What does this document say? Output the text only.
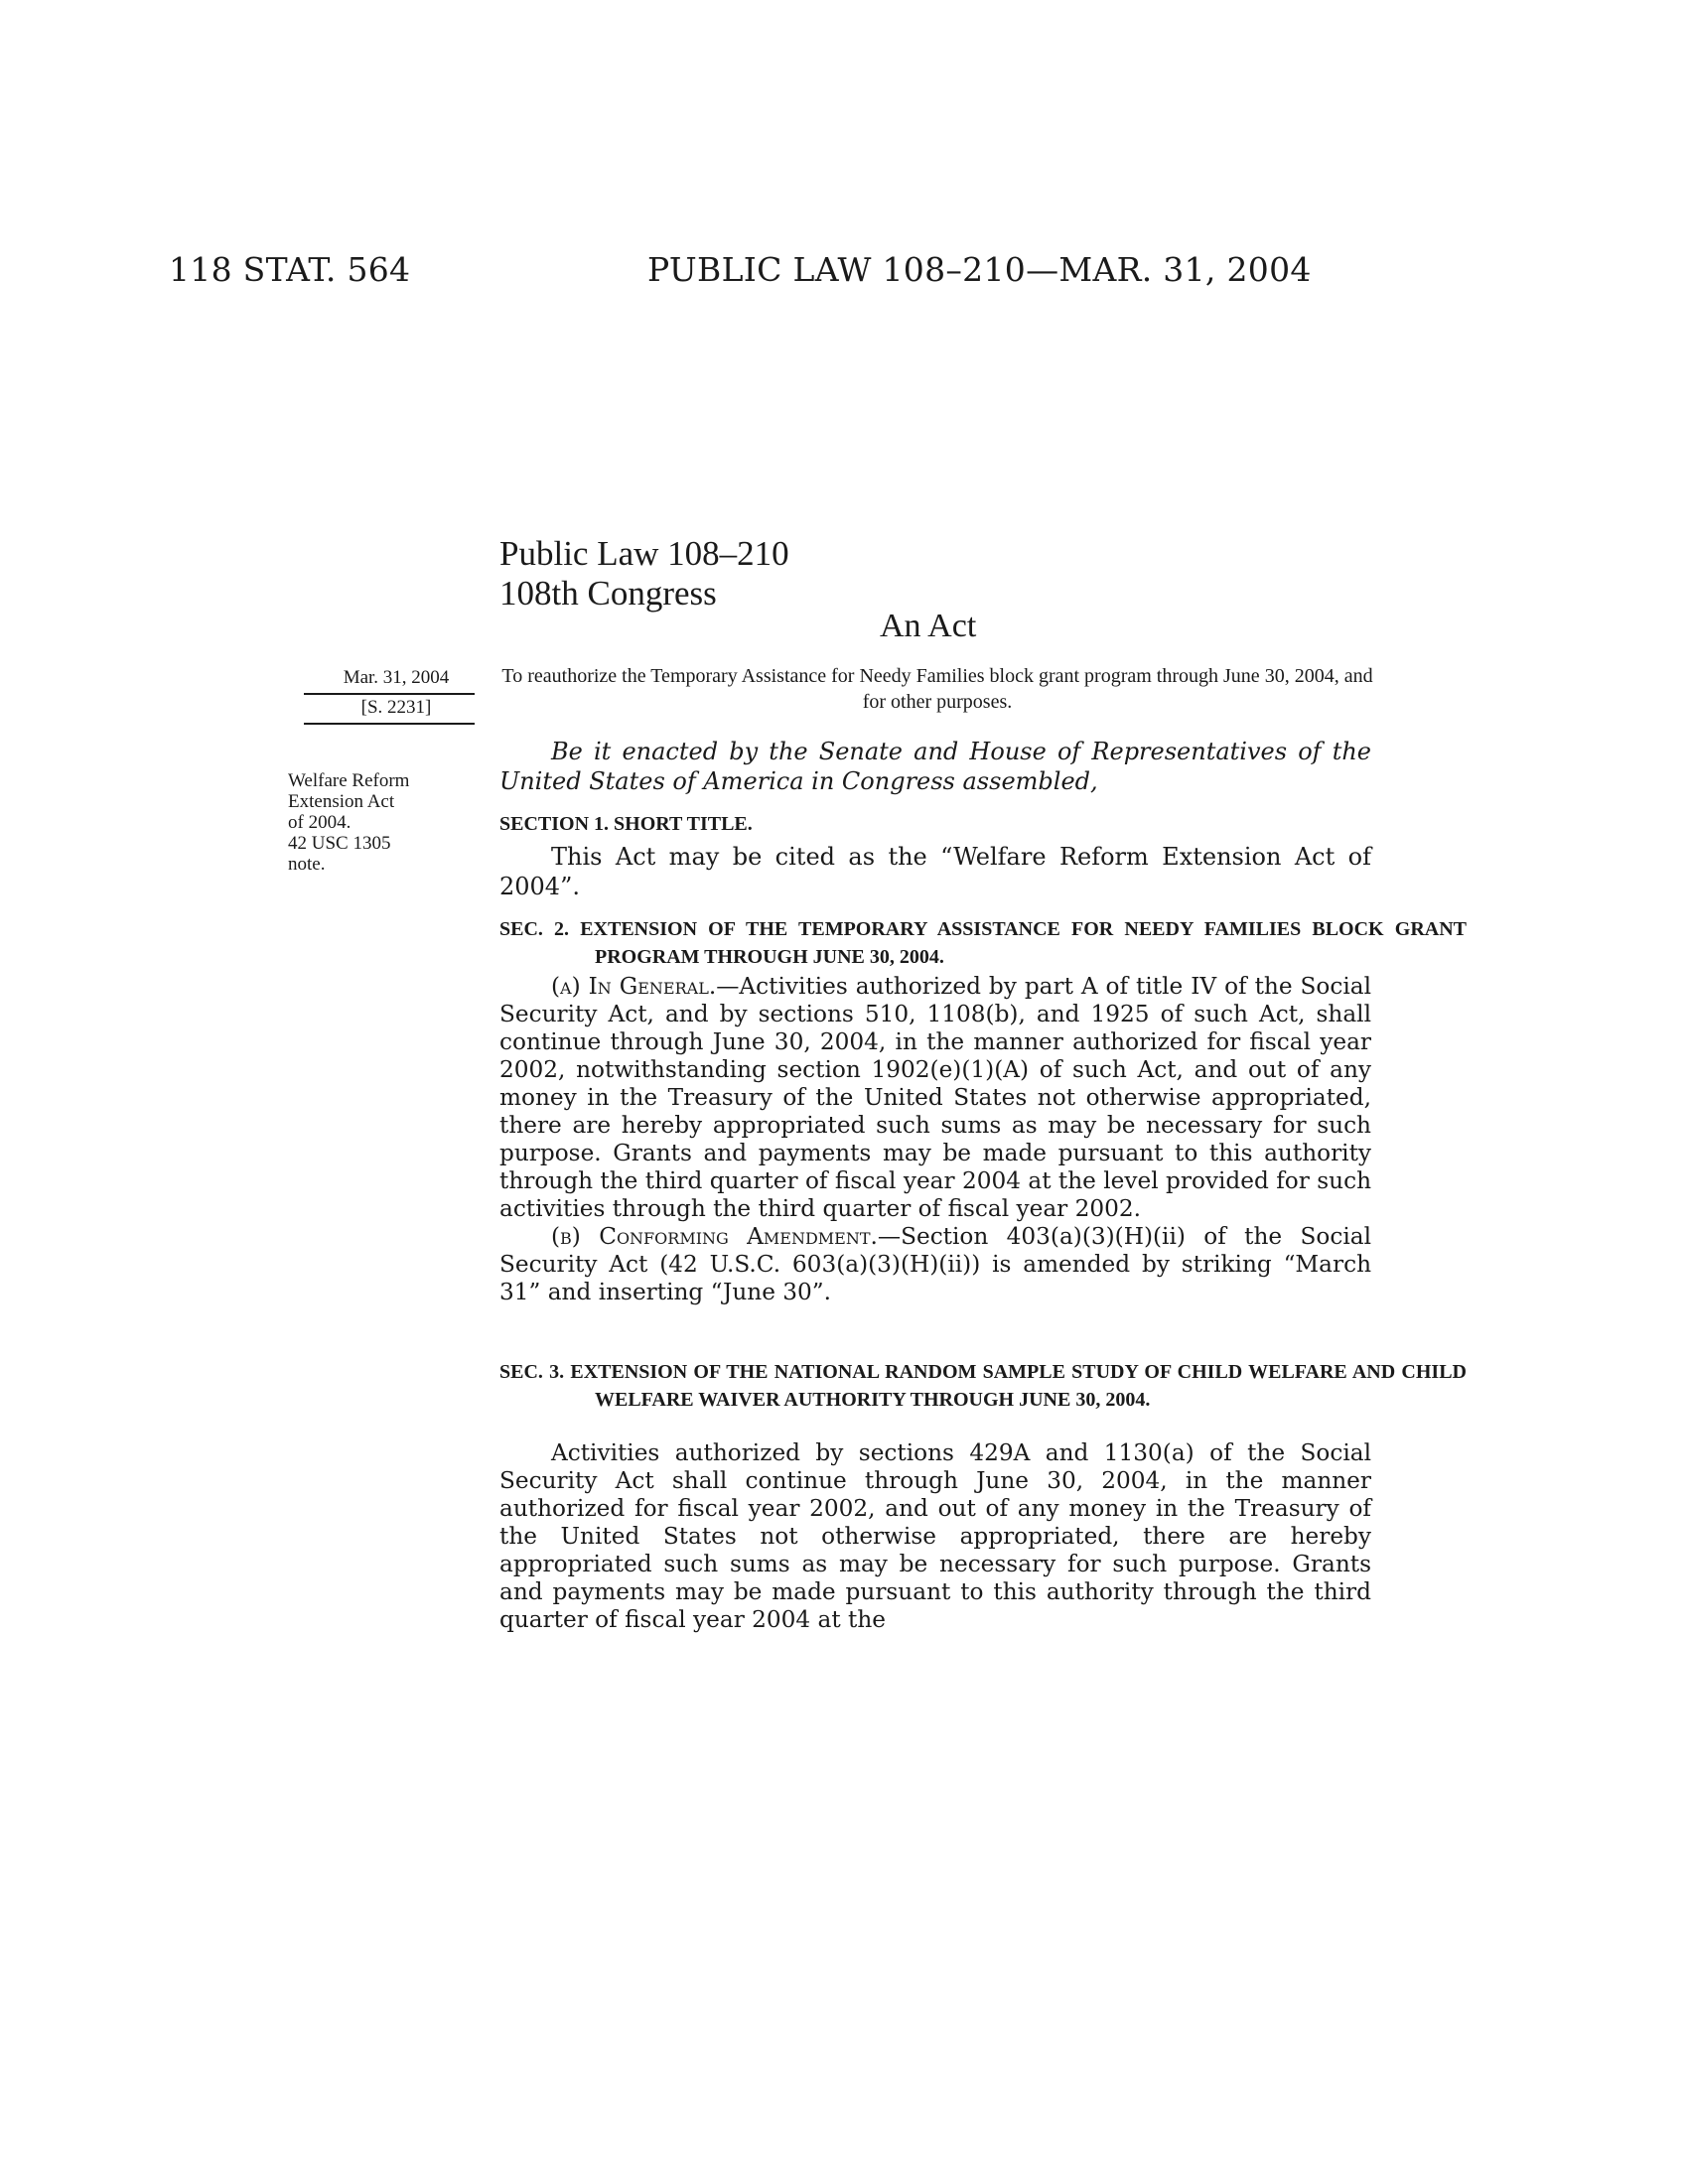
118 STAT. 564	PUBLIC LAW 108–210—MAR. 31, 2004
Public Law 108–210
108th Congress
An Act
Mar. 31, 2004
[S. 2231]
Welfare Reform
Extension Act
of 2004.
42 USC 1305
note.
To reauthorize the Temporary Assistance for Needy Families block grant program through June 30, 2004, and for other purposes.
Be it enacted by the Senate and House of Representatives of the United States of America in Congress assembled,
SECTION 1. SHORT TITLE.
This Act may be cited as the “Welfare Reform Extension Act of 2004”.
SEC. 2. EXTENSION OF THE TEMPORARY ASSISTANCE FOR NEEDY FAMILIES BLOCK GRANT PROGRAM THROUGH JUNE 30, 2004.

(a) In General.—Activities authorized by part A of title IV of the Social Security Act, and by sections 510, 1108(b), and 1925 of such Act, shall continue through June 30, 2004, in the manner authorized for fiscal year 2002, notwithstanding section 1902(e)(1)(A) of such Act, and out of any money in the Treasury of the United States not otherwise appropriated, there are hereby appropriated such sums as may be necessary for such purpose. Grants and payments may be made pursuant to this authority through the third quarter of fiscal year 2004 at the level provided for such activities through the third quarter of fiscal year 2002.

(b) Conforming Amendment.—Section 403(a)(3)(H)(ii) of the Social Security Act (42 U.S.C. 603(a)(3)(H)(ii)) is amended by striking “March 31” and inserting “June 30”.

SEC. 3. EXTENSION OF THE NATIONAL RANDOM SAMPLE STUDY OF CHILD WELFARE AND CHILD WELFARE WAIVER AUTHORITY THROUGH JUNE 30, 2004.
Activities authorized by sections 429A and 1130(a) of the Social Security Act shall continue through June 30, 2004, in the manner authorized for fiscal year 2002, and out of any money in the Treasury of the United States not otherwise appropriated, there are hereby appropriated such sums as may be necessary for such purpose. Grants and payments may be made pursuant to this authority through the third quarter of fiscal year 2004 at the
